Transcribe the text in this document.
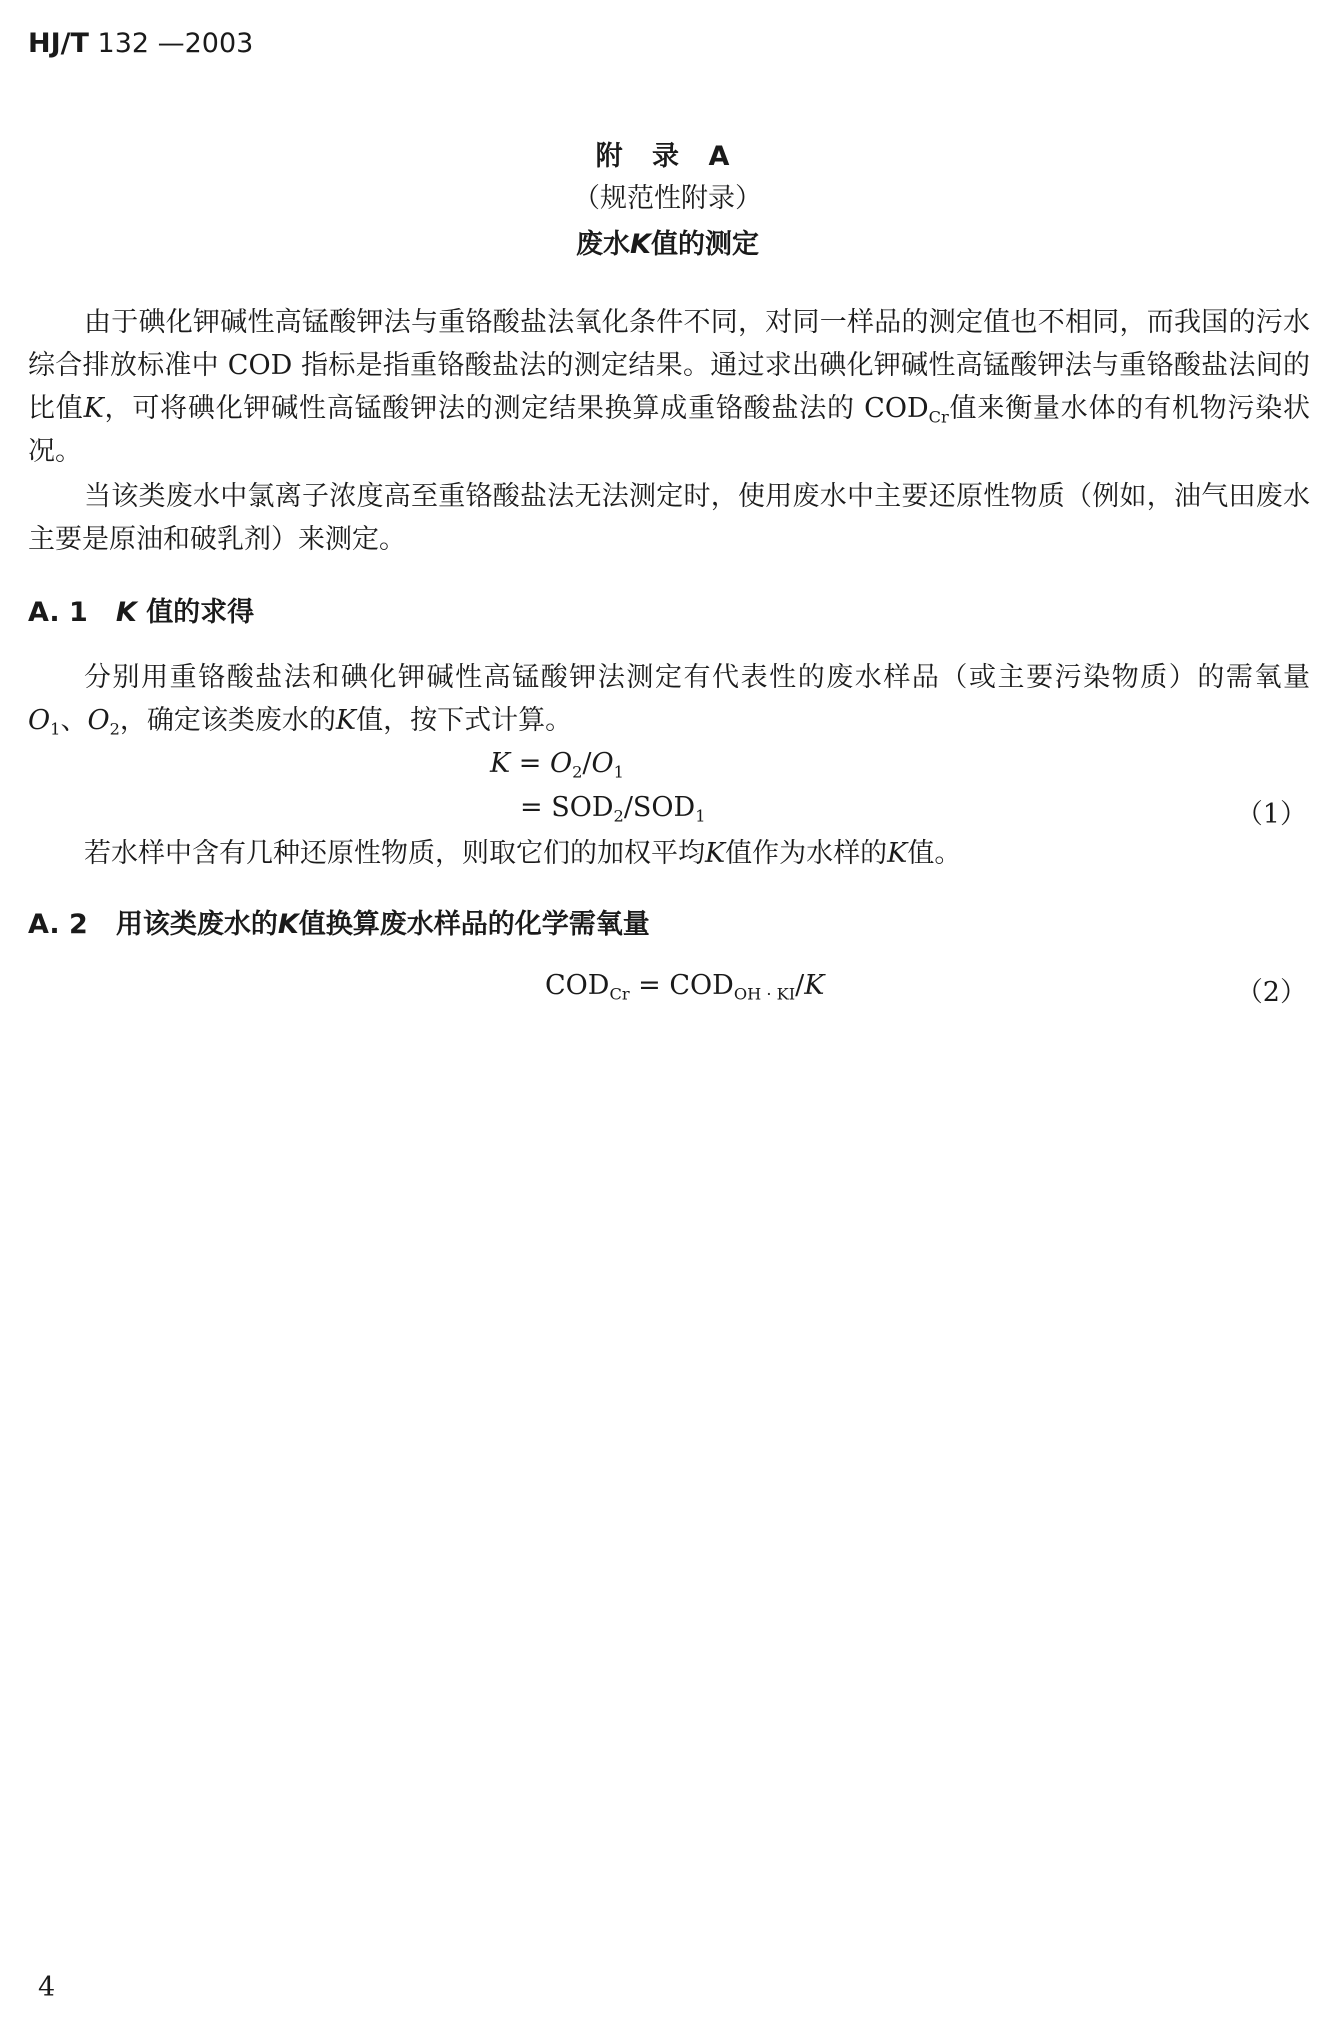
HJ/T 132 —2003
附 录 A
（规范性附录）
废水K值的测定

由于碘化钾碱性高锰酸钾法与重铬酸盐法氧化条件不同，对同一样品的测定值也不相同，而我国的污水综合排放标准中 COD 指标是指重铬酸盐法的测定结果。通过求出碘化钾碱性高锰酸钾法与重铬酸盐法间的比值K，可将碘化钾碱性高锰酸钾法的测定结果换算成重铬酸盐法的 $COD_{Cr}$值来衡量水体的有机物污染状况。

当该类废水中氯离子浓度高至重铬酸盐法无法测定时，使用废水中主要还原性物质（例如，油气田废水主要是原油和破乳剂）来测定。

A. 1 K 值的求得

分别用重铬酸盐法和碘化钾碱性高锰酸钾法测定有代表性的废水样品（或主要污染物质）的需氧量 $O_1$、$O_2$，确定该类废水的K值，按下式计算。

$K = O_2/O_1$
= $SOD_2/SOD_1$	（1）

若水样中含有几种还原性物质，则取它们的加权平均K值作为水样的K值。

A. 2 用该类废水的K值换算废水样品的化学需氧量
$COD_{Cr} = COD_{OH \cdot KI}/K$	（2）
4
